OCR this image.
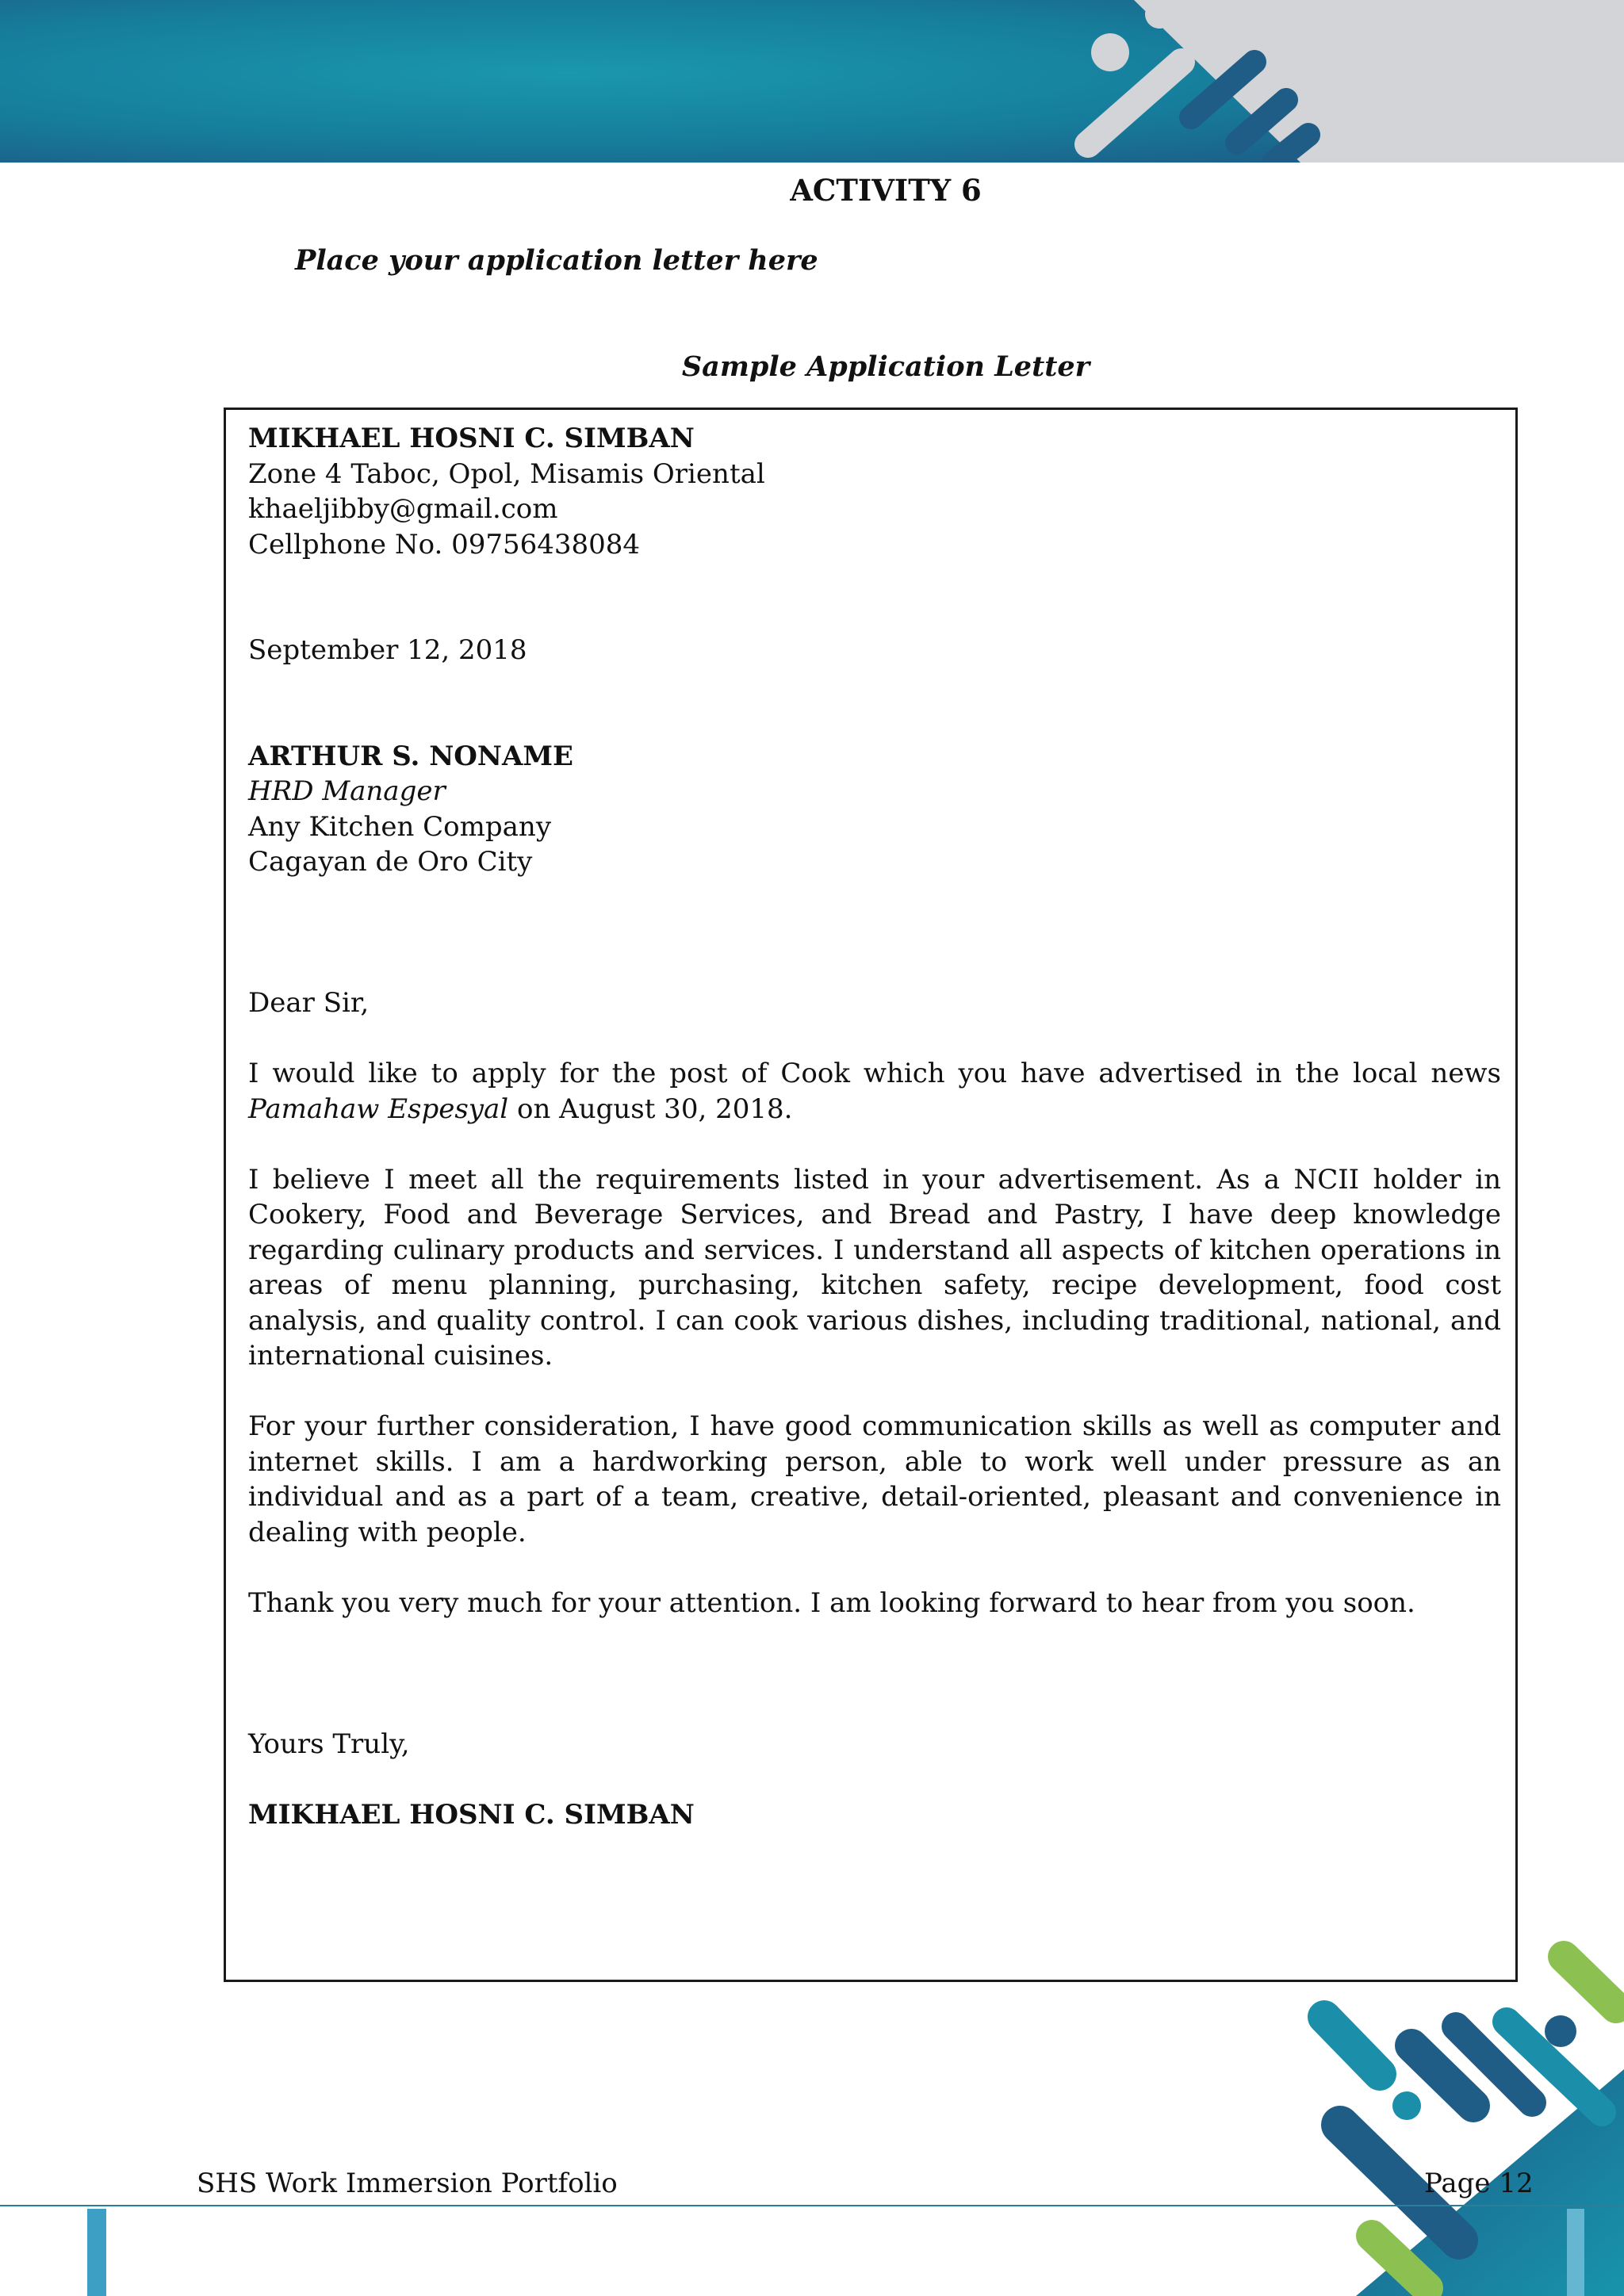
ACTIVITY 6
Place your application letter here
Sample Application Letter

MIKHAEL HOSNI C. SIMBAN

Zone 4 Taboc, Opol, Misamis Oriental

khaeljibby@gmail.com

Cellphone No. 09756438084

September 12, 2018

ARTHUR S. NONAME

HRD Manager

Any Kitchen Company

Cagayan de Oro City

Dear Sir,

I would like to apply for the post of Cook which you have advertised in the local news Pamahaw Espesyal on August 30, 2018.

I believe I meet all the requirements listed in your advertisement. As a NCII holder in Cookery, Food and Beverage Services, and Bread and Pastry, I have deep knowledge regarding culinary products and services. I understand all aspects of kitchen operations in areas of menu planning, purchasing, kitchen safety, recipe development, food cost analysis, and quality control. I can cook various dishes, including traditional, national, and international cuisines.

For your further consideration, I have good communication skills as well as computer and internet skills. I am a hardworking person, able to work well under pressure as an individual and as a part of a team, creative, detail-oriented, pleasant and convenience in dealing with people.

Thank you very much for your attention. I am looking forward to hear from you soon.

Yours Truly,

MIKHAEL HOSNI C. SIMBAN

SHS Work Immersion Portfolio	Page 12
